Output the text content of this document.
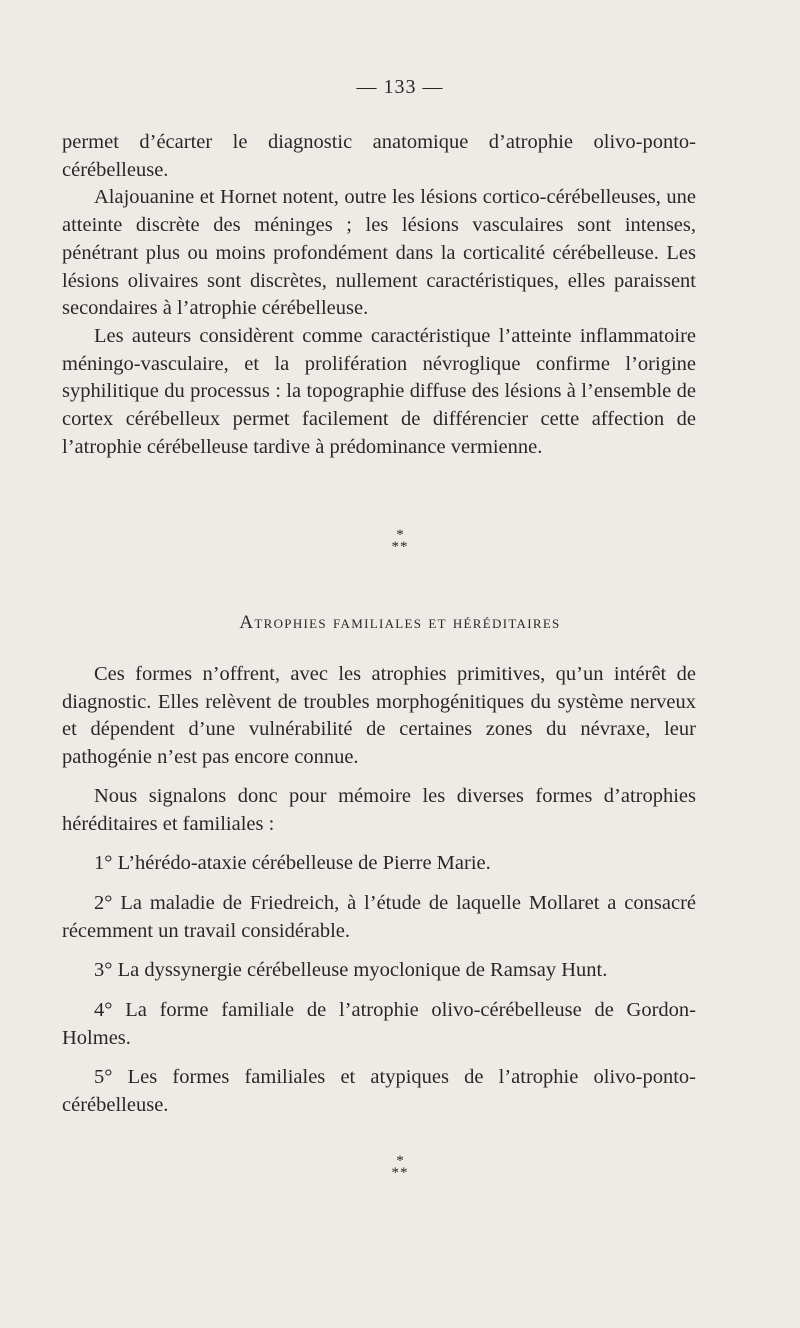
— 133 —

permet d’écarter le diagnostic anatomique d’atrophie olivo-ponto-cérébelleuse.

Alajouanine et Hornet notent, outre les lésions cortico-cérébelleuses, une atteinte discrète des méninges ; les lésions vasculaires sont intenses, pénétrant plus ou moins profondément dans la corticalité cérébelleuse. Les lésions olivaires sont discrètes, nullement caractéristiques, elles paraissent secondaires à l’atrophie cérébelleuse.

Les auteurs considèrent comme caractéristique l’atteinte inflammatoire méningo-vasculaire, et la prolifération névroglique confirme l’origine syphilitique du processus : la topographie diffuse des lésions à l’ensemble de cortex cérébelleux permet facilement de différencier cette affection de l’atrophie cérébelleuse tardive à prédominance vermienne.

*
**
Atrophies familiales et héréditaires

Ces formes n’offrent, avec les atrophies primitives, qu’un intérêt de diagnostic. Elles relèvent de troubles morphogénitiques du système nerveux et dépendent d’une vulnérabilité de certaines zones du névraxe, leur pathogénie n’est pas encore connue.

Nous signalons donc pour mémoire les diverses formes d’atrophies héréditaires et familiales :

1° L’hérédo-ataxie cérébelleuse de Pierre Marie.

2° La maladie de Friedreich, à l’étude de laquelle Mollaret a consacré récemment un travail considérable.

3° La dyssynergie cérébelleuse myoclonique de Ramsay Hunt.

4° La forme familiale de l’atrophie olivo-cérébelleuse de Gordon-Holmes.

5° Les formes familiales et atypiques de l’atrophie olivo-ponto-cérébelleuse.

*
**
